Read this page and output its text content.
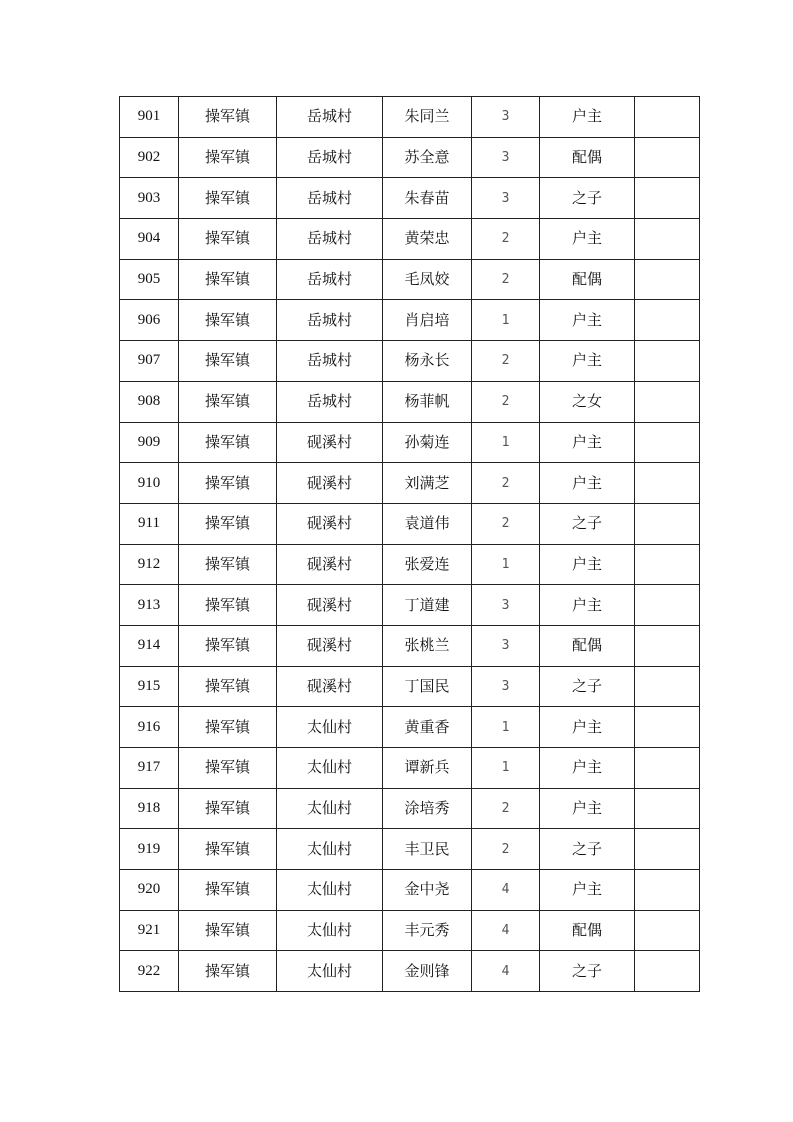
901	操军镇	岳城村	朱同兰	3	户主	
902	操军镇	岳城村	苏全意	3	配偶	
903	操军镇	岳城村	朱春苗	3	之子	
904	操军镇	岳城村	黄荣忠	2	户主	
905	操军镇	岳城村	毛凤姣	2	配偶	
906	操军镇	岳城村	肖启培	1	户主	
907	操军镇	岳城村	杨永长	2	户主	
908	操军镇	岳城村	杨菲帆	2	之女	
909	操军镇	砚溪村	孙菊连	1	户主	
910	操军镇	砚溪村	刘满芝	2	户主	
911	操军镇	砚溪村	袁道伟	2	之子	
912	操军镇	砚溪村	张爱连	1	户主	
913	操军镇	砚溪村	丁道建	3	户主	
914	操军镇	砚溪村	张桃兰	3	配偶	
915	操军镇	砚溪村	丁国民	3	之子	
916	操军镇	太仙村	黄重香	1	户主	
917	操军镇	太仙村	谭新兵	1	户主	
918	操军镇	太仙村	涂培秀	2	户主	
919	操军镇	太仙村	丰卫民	2	之子	
920	操军镇	太仙村	金中尧	4	户主	
921	操军镇	太仙村	丰元秀	4	配偶	
922	操军镇	太仙村	金则锋	4	之子	
